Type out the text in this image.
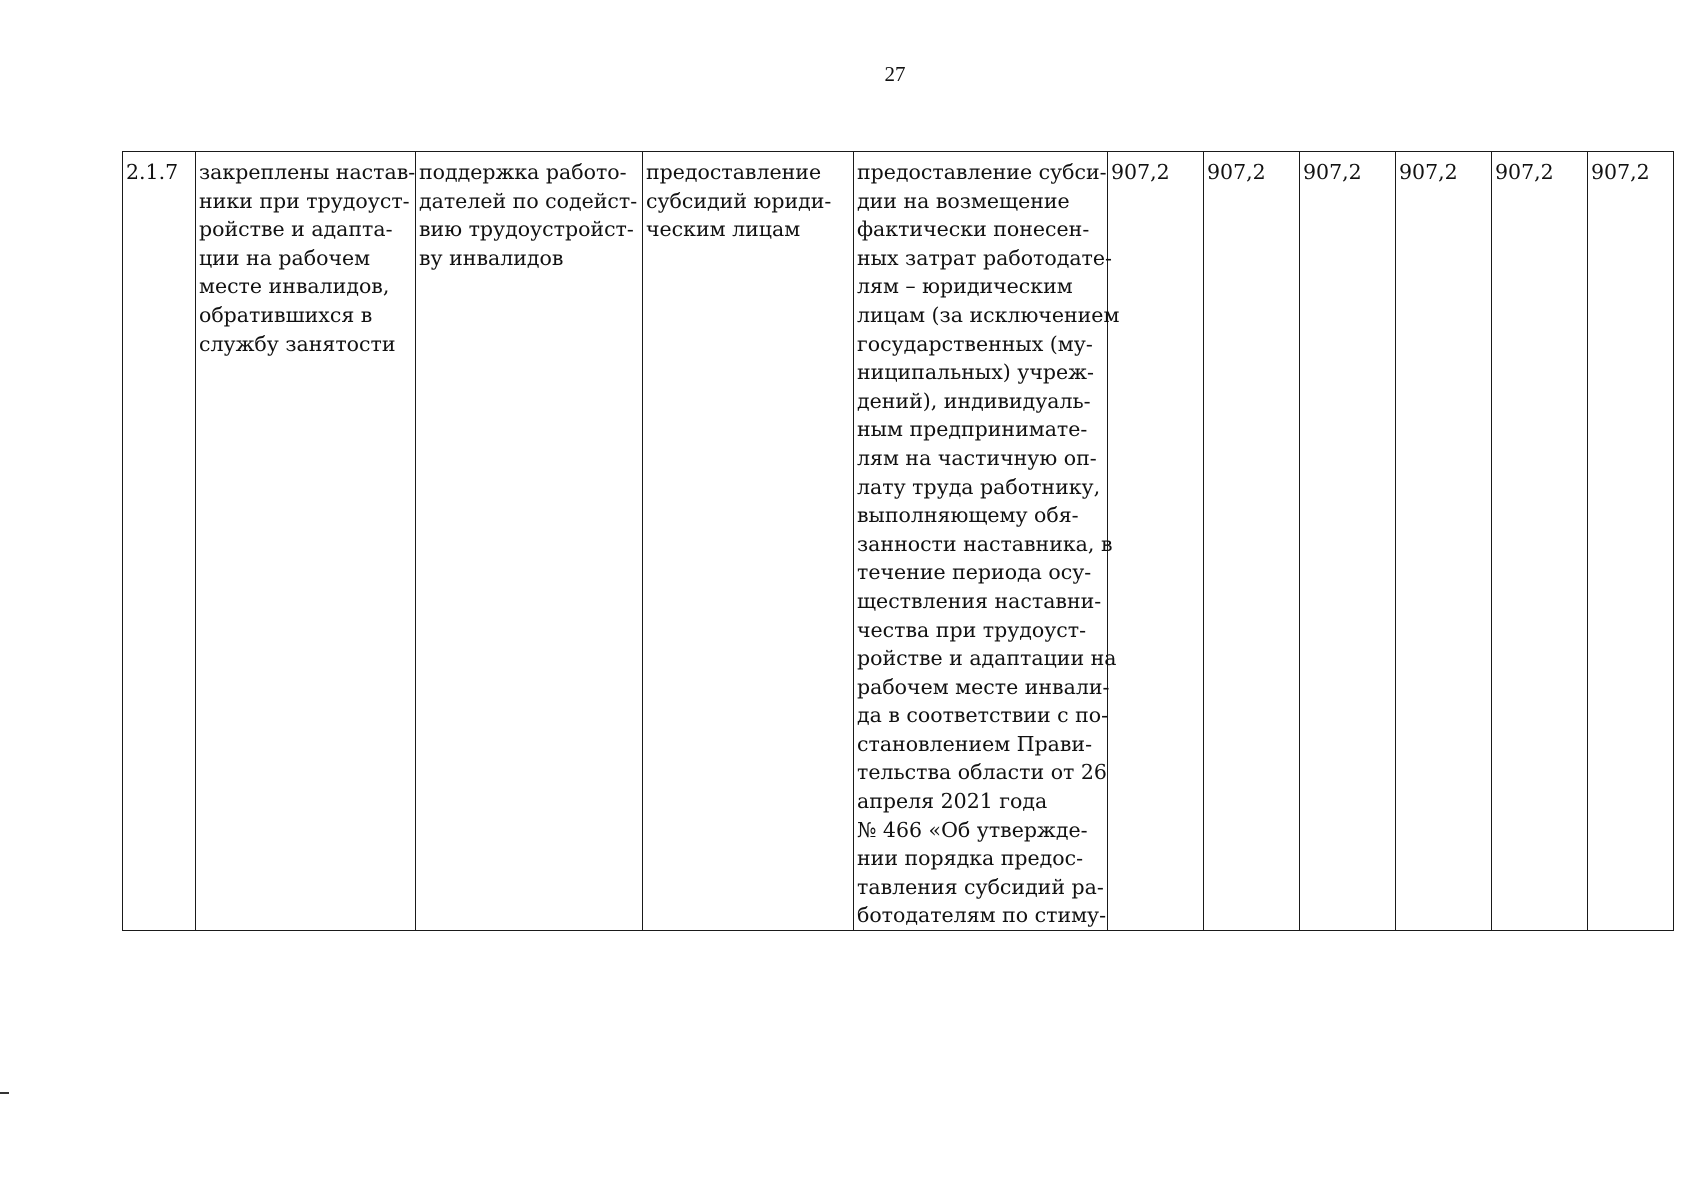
27
2.1.7	закреплены настав-
ники при трудоуст-
ройстве и адапта-
ции на рабочем
месте инвалидов,
обратившихся в
службу занятости

поддержка работо-
дателей по содейст-
вию трудоустройст-
ву инвалидов

предоставление
субсидий юриди-
ческим лицам

предоставление субси-
дии на возмещение
фактически понесен-
ных затрат работодате-
лям – юридическим
лицам (за исключением
государственных (му-
ниципальных) учреж-
дений), индивидуаль-
ным предпринимате-
лям на частичную оп-
лату труда работнику,
выполняющему обя-
занности наставника, в
течение периода осу-
ществления наставни-
чества при трудоуст-
ройстве и адаптации на
рабочем месте инвали-
да в соответствии с по-
становлением Прави-
тельства области от 26
апреля 2021 года
№ 466 «Об утвержде-
нии порядка предос-
тавления субсидий ра-
ботодателям по стиму-

907,2	907,2	907,2	907,2	907,2	907,2
